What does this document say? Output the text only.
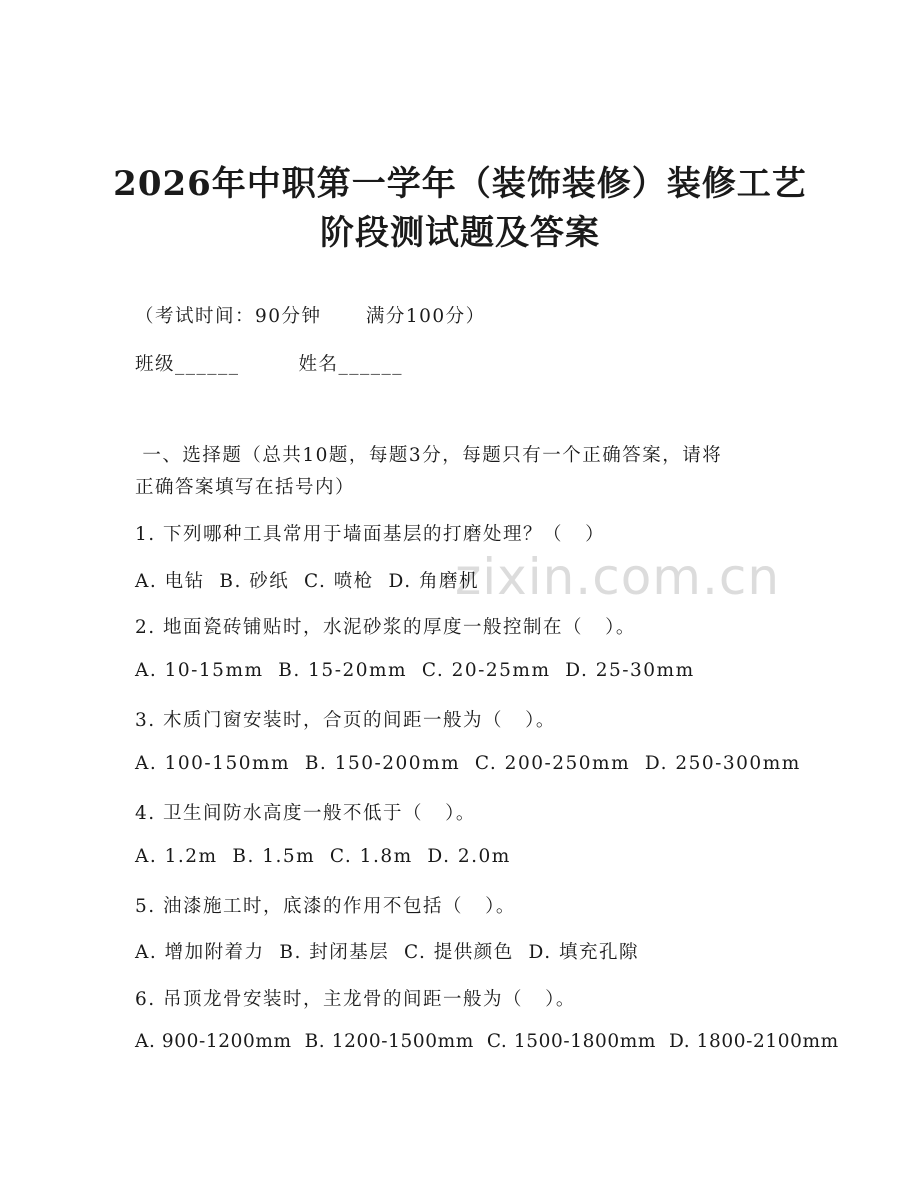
zixin.com.cn
2026年中职第一学年（装饰装修）装修工艺
阶段测试题及答案
（考试时间：90分钟      满分100分）
班级______        姓名______
一、选择题（总共10题，每题3分，每题只有一个正确答案，请将
正确答案填写在括号内）
1. 下列哪种工具常用于墙面基层的打磨处理？（   ）
A. 电钻  B. 砂纸  C. 喷枪  D. 角磨机
2. 地面瓷砖铺贴时，水泥砂浆的厚度一般控制在（   ）。
A. 10-15mm  B. 15-20mm  C. 20-25mm  D. 25-30mm
3. 木质门窗安装时，合页的间距一般为（   ）。
A. 100-150mm  B. 150-200mm  C. 200-250mm  D. 250-300mm
4. 卫生间防水高度一般不低于（   ）。
A. 1.2m  B. 1.5m  C. 1.8m  D. 2.0m
5. 油漆施工时，底漆的作用不包括（   ）。
A. 增加附着力  B. 封闭基层  C. 提供颜色  D. 填充孔隙
6. 吊顶龙骨安装时，主龙骨的间距一般为（   ）。
A. 900-1200mm  B. 1200-1500mm  C. 1500-1800mm  D. 1800-2100mm
